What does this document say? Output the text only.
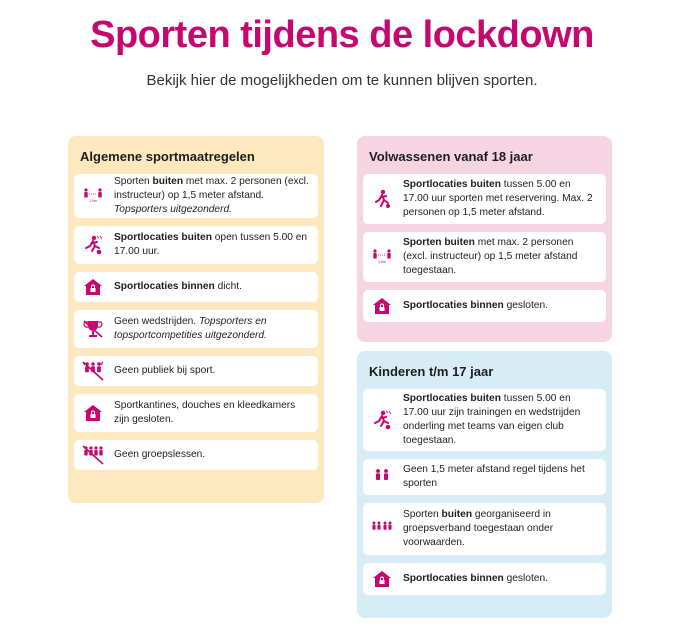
Sporten tijdens de lockdown
Bekijk hier de mogelijkheden om te kunnen blijven sporten.
Algemene sportmaatregelen
1,5m
Sporten buiten met max. 2 personen (excl. instructeur) op 1,5 meter afstand. Topsporters uitgezonderd.
Sportlocaties buiten open tussen 5.00 en 17.00 uur.
Sportlocaties binnen dicht.
Geen wedstrijden. Topsporters en topsportcompetities uitgezonderd.
Geen publiek bij sport.
Sportkantines, douches en kleedkamers zijn gesloten.
Geen groepslessen.
Volwassenen vanaf 18 jaar
Sportlocaties buiten tussen 5.00 en 17.00 uur sporten met reservering. Max. 2 personen op 1,5 meter afstand.
1,5m
Sporten buiten met max. 2 personen (excl. instructeur) op 1,5 meter afstand toegestaan.
Sportlocaties binnen gesloten.
Kinderen t/m 17 jaar
Sportlocaties buiten tussen 5.00 en 17.00 uur zijn trainingen en wedstrijden onderling met teams van eigen club toegestaan.
Geen 1,5 meter afstand regel tijdens het sporten
Sporten buiten georganiseerd in groepsverband toegestaan onder voorwaarden.
Sportlocaties binnen gesloten.
